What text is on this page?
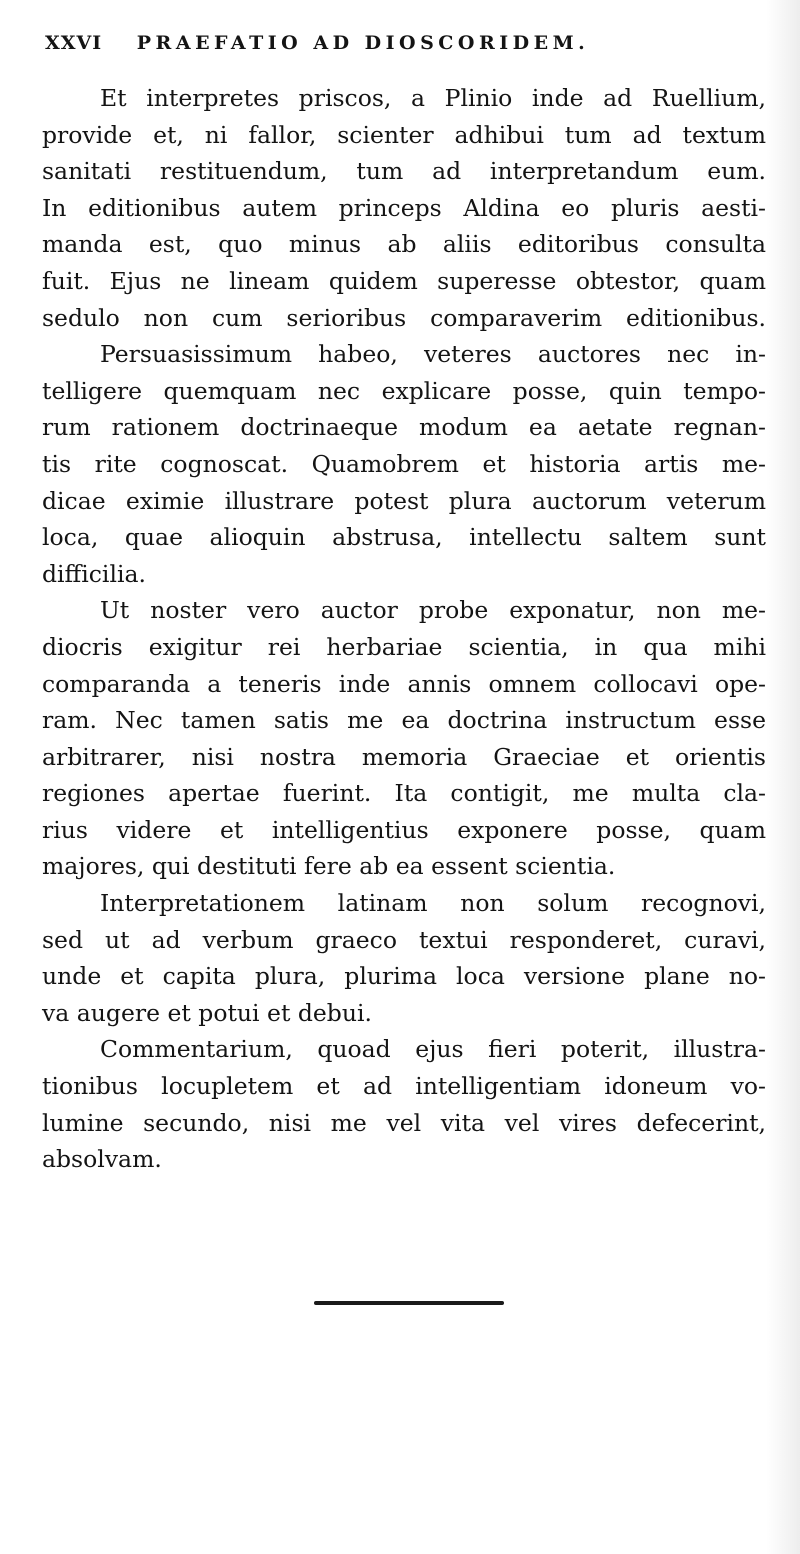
XXVI PRAEFATIO AD DIOSCORIDEM.
Et interpretes priscos, a Plinio inde ad Ruellium,
provide et, ni fallor, scienter adhibui tum ad textum
sanitati restituendum, tum ad interpretandum eum.
In editionibus autem princeps Aldina eo pluris aesti-
manda est, quo minus ab aliis editoribus consulta
fuit. Ejus ne lineam quidem superesse obtestor, quam
sedulo non cum serioribus comparaverim editionibus.
Persuasissimum habeo, veteres auctores nec in-
telligere quemquam nec explicare posse, quin tempo-
rum rationem doctrinaeque modum ea aetate regnan-
tis rite cognoscat. Quamobrem et historia artis me-
dicae eximie illustrare potest plura auctorum veterum
loca, quae alioquin abstrusa, intellectu saltem sunt
difficilia.
Ut noster vero auctor probe exponatur, non me-
diocris exigitur rei herbariae scientia, in qua mihi
comparanda a teneris inde annis omnem collocavi ope-
ram. Nec tamen satis me ea doctrina instructum esse
arbitrarer, nisi nostra memoria Graeciae et orientis
regiones apertae fuerint. Ita contigit, me multa cla-
rius videre et intelligentius exponere posse, quam
majores, qui destituti fere ab ea essent scientia.
Interpretationem latinam non solum recognovi,
sed ut ad verbum graeco textui responderet, curavi,
unde et capita plura, plurima loca versione plane no-
va augere et potui et debui.
Commentarium, quoad ejus fieri poterit, illustra-
tionibus locupletem et ad intelligentiam idoneum vo-
lumine secundo, nisi me vel vita vel vires defecerint,
absolvam.
